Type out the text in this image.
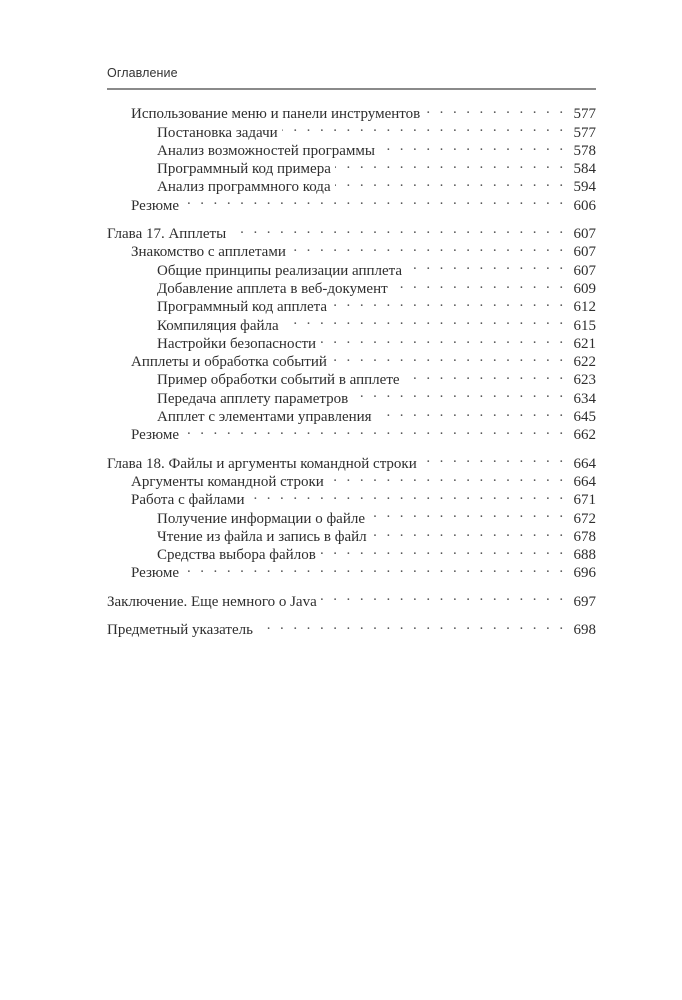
Оглавление
Использование меню и панели инструментов . . .	577
Постановка задачи . . .	577
Анализ возможностей программы . . .	578
Программный код примера . . .	584
Анализ программного кода . . .	594
Резюме . . .	606
Глава 17. Апплеты . . .	607
Знакомство с апплетами . . .	607
Общие принципы реализации апплета . . .	607
Добавление апплета в веб-документ . . .	609
Программный код апплета . . .	612
Компиляция файла . . .	615
Настройки безопасности . . .	621
Апплеты и обработка событий . . .	622
Пример обработки событий в апплете . . .	623
Передача апплету параметров . . .	634
Апплет с элементами управления . . .	645
Резюме . . .	662
Глава 18. Файлы и аргументы командной строки . . .	664
Аргументы командной строки . . .	664
Работа с файлами . . .	671
Получение информации о файле . . .	672
Чтение из файла и запись в файл . . .	678
Средства выбора файлов . . .	688
Резюме . . .	696
Заключение. Еще немного о Java . . .	697
Предметный указатель . . .	698
